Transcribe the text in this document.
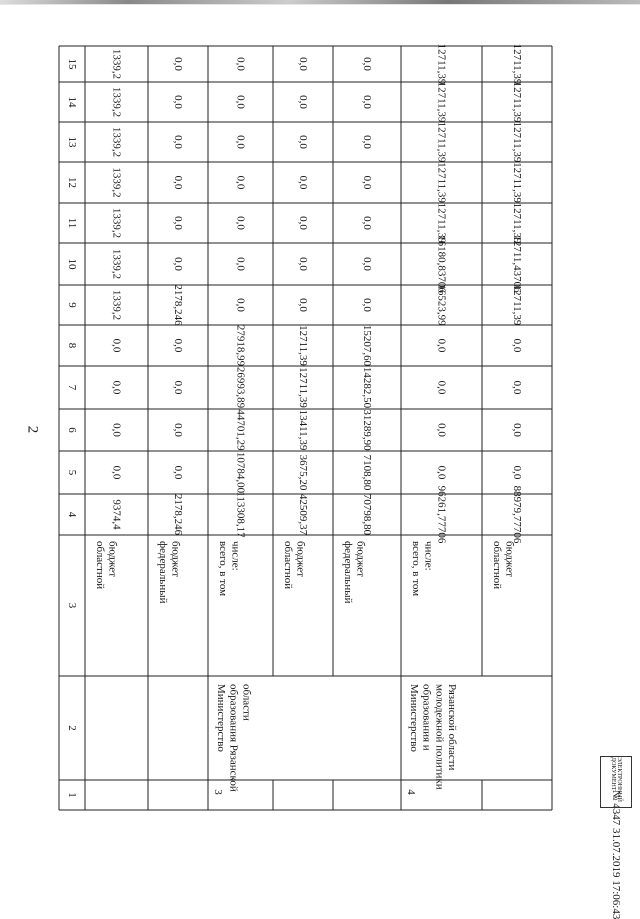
2
1
2
3
4
5
6
7
8
9
10
11
12
13
14
15
областной бюджет
9374,4
0,0
0,0
0,0
0,0
1339,2
1339,2
1339,2
1339,2
1339,2
1339,2
1339,2
федеральный бюджет
2178,246
0,0
0,0
0,0
0,0
2178,246
0,0
0,0
0,0
0,0
0,0
0,0
3
Министерство образования Рязанской области
всего, в том числе:
113308,17
10784,00
44701,29
26993,89
27918,99
0,0
0,0
0,0
0,0
0,0
0,0
0,0
областной бюджет
42509,37
3675,20
13411,39
12711,39
12711,39
0,0
0,0
0,0
0,0
0,0
0,0
0,0
федеральный бюджет
70798,80
7108,80
31289,90
14282,50
15207,60
0,0
0,0
0,0
0,0
0,0
0,0
0,0
4
Министерство образования и молодежной политики Рязанской области
всего, в том числе:
96261,77706
0,0
0,0
0,0
0,0
16523,99
16180,83706
12711,39
12711,39
12711,39
12711,39
12711,39
областной бюджет
88979,77706
0,0
0,0
0,0
0,0
12711,39
12711,43706
12711,39
12711,39
12711,39
12711,39
12711,39
№ 4347 31.07.2019 17:06:43
ЭЛЕКТРОННЫЙ ДОКУМЕНТ
